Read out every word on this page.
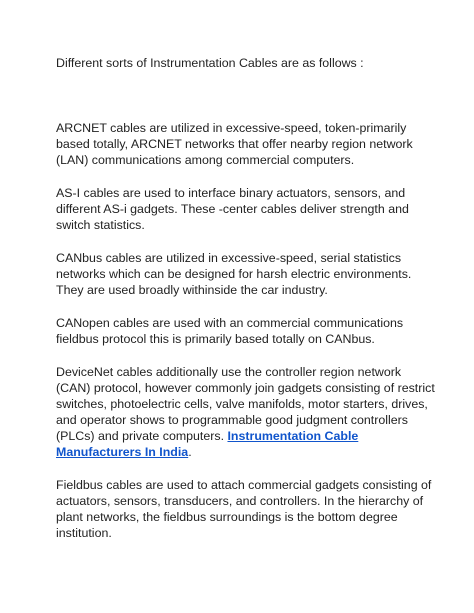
Different sorts of Instrumentation Cables are as follows :

ARCNET cables are utilized in excessive-speed, token-primarily based totally, ARCNET networks that offer nearby region network (LAN) communications among commercial computers.

AS-I cables are used to interface binary actuators, sensors, and different AS-i gadgets. These -center cables deliver strength and switch statistics.

CANbus cables are utilized in excessive-speed, serial statistics networks which can be designed for harsh electric environments. They are used broadly withinside the car industry.

CANopen cables are used with an commercial communications fieldbus protocol this is primarily based totally on CANbus.

DeviceNet cables additionally use the controller region network (CAN) protocol, however commonly join gadgets consisting of restrict switches, photoelectric cells, valve manifolds, motor starters, drives, and operator shows to programmable good judgment controllers (PLCs) and private computers. Instrumentation Cable Manufacturers In India.

Fieldbus cables are used to attach commercial gadgets consisting of actuators, sensors, transducers, and controllers. In the hierarchy of plant networks, the fieldbus surroundings is the bottom degree institution.
